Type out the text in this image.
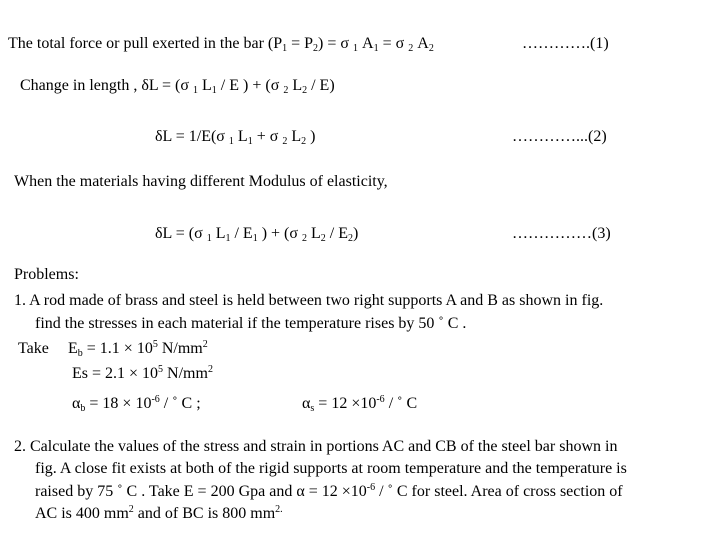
The total force or pull exerted in the bar $(P_1 = P_2) = \sigma$ $_1$ $A_1 = \sigma$ $_2$ $A_2$	………….(1)
Change in length , δL = (σ $_1$ $L_1$ / E ) + (σ $_2$ $L_2 / E$)
δL = 1/E(σ $_1$ $L_1 + \sigma$ $_2$ $L_2$ )	…………...(2)
When the materials having different Modulus of elasticity,
δL = (σ $_1$ $L_1 / E_1$ ) + (σ $_2$ $L_2 / E_2$)	……………(3)
Problems:
1. A rod made of brass and steel is held between two right supports A and B as shown in fig.
find the stresses in each material if the temperature rises by 50 ˚ C .
Take $E_b = 1.1 \times 10^5$ $N/mm^2$
$Es = 2.1 \times 10^5$ $N/mm^2$
$\alpha_b = 18 \times 10^{-6}$ / ˚ C ;	$\alpha_s = 12 \times 10^{-6}$ / ˚ C
2. Calculate the values of the stress and strain in portions AC and CB of the steel bar shown in
fig. A close fit exists at both of the rigid supports at room temperature and the temperature is
raised by 75 ˚ C . Take E = 200 Gpa and $\alpha = 12 \times 10^{-6}$ / ˚ C for steel. Area of cross section of
AC is 400 $mm^2$ and of BC is 800 $mm^{2.}$
